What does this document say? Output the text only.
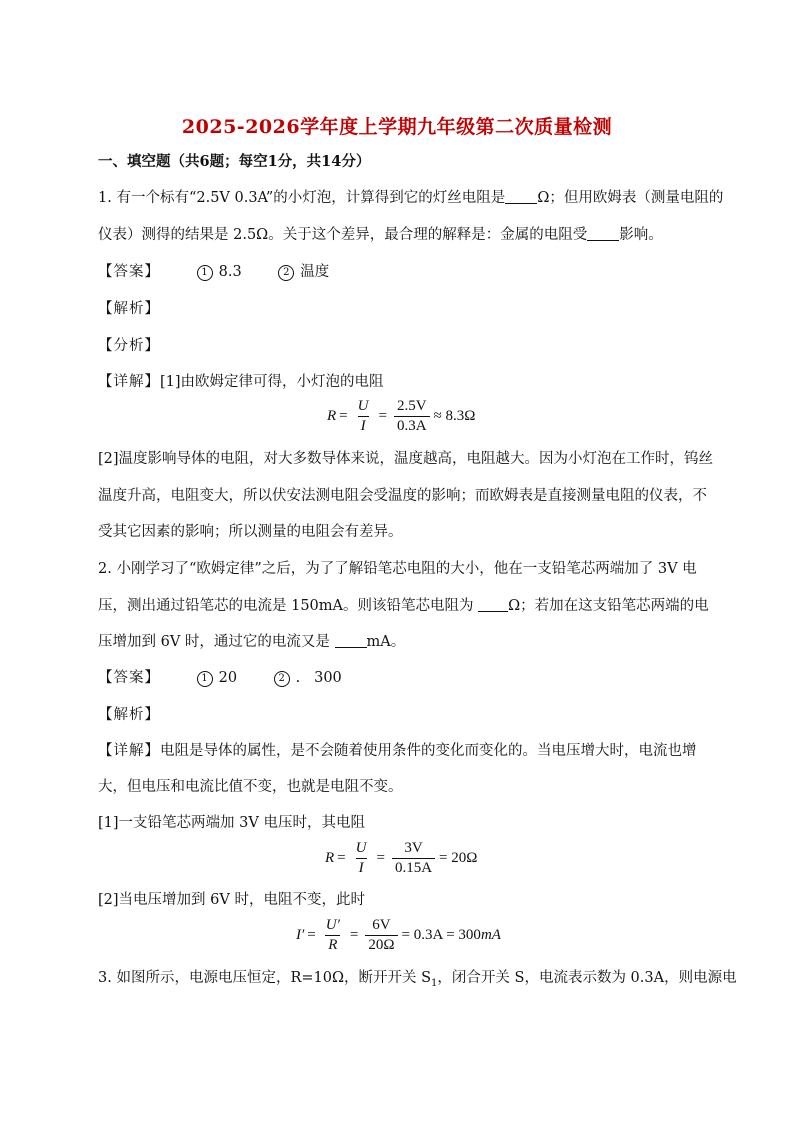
2025-2026学年度上学期九年级第二次质量检测
一、填空题（共6题；每空1分，共14分）
1. 有一个标有“2.5V 0.3A”的小灯泡，计算得到它的灯丝电阻是 Ω；但用欧姆表（测量电阻的
仪表）测得的结果是 2.5Ω。关于这个差异，最合理的解释是：金属的电阻受 影响。
【答案】	1 8.3	2 温度
【解析】
【分析】
【详解】[1]由欧姆定律可得，小灯泡的电阻
$R = \frac{U}{I} = \frac{2.5V}{0.3A} \approx 8.3\Omega$
[2]温度影响导体的电阻，对大多数导体来说，温度越高，电阻越大。因为小灯泡在工作时，钨丝
温度升高，电阻变大，所以伏安法测电阻会受温度的影响；而欧姆表是直接测量电阻的仪表，不
受其它因素的影响；所以测量的电阻会有差异。
2. 小刚学习了“欧姆定律”之后，为了了解铅笔芯电阻的大小，他在一支铅笔芯两端加了 3V 电
压，测出通过铅笔芯的电流是 150mA。则该铅笔芯电阻为 Ω；若加在这支铅笔芯两端的电
压增加到 6V 时，通过它的电流又是 mA。
【答案】	1 20	2 .   300
【解析】
【详解】电阻是导体的属性，是不会随着使用条件的变化而变化的。当电压增大时，电流也增
大，但电压和电流比值不变，也就是电阻不变。
[1]一支铅笔芯两端加 3V 电压时，其电阻
$R = \frac{U}{I} = \frac{3V}{0.15A} = 20\Omega$
[2]当电压增加到 6V 时，电阻不变，此时
$I' = \frac{U'}{R} = \frac{6V}{20\Omega} = 0.3A = 300$ mA
3. 如图所示，电源电压恒定，R=10Ω，断开开关 $S_1$，闭合开关 S，电流表示数为 0.3A，则电源电
